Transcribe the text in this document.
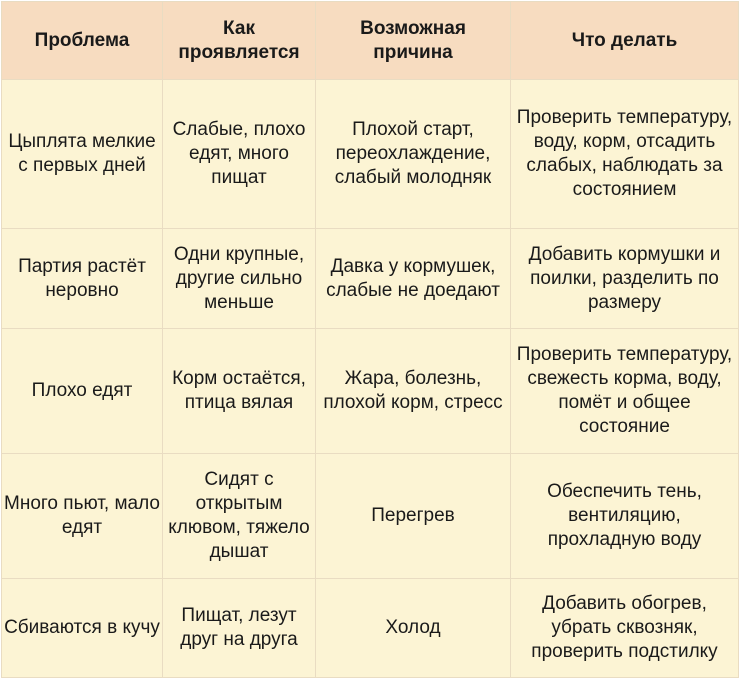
Проблема	Как проявляется	Возможная причина	Что делать
Цыплята мелкие с первых дней	Слабые, плохо едят, много пищат	Плохой старт, переохлаждение, слабый молодняк	Проверить температуру, воду, корм, отсадить слабых, наблюдать за состоянием
Партия растёт неровно	Одни крупные, другие сильно меньше	Давка у кормушек, слабые не доедают	Добавить кормушки и поилки, разделить по размеру
Плохо едят	Корм остаётся, птица вялая	Жара, болезнь, плохой корм, стресс	Проверить температуру, свежесть корма, воду, помёт и общее состояние
Много пьют, мало едят	Сидят с открытым клювом, тяжело дышат	Перегрев	Обеспечить тень, вентиляцию, прохладную воду
Сбиваются в кучу	Пищат, лезут друг на друга	Холод	Добавить обогрев, убрать сквозняк, проверить подстилку
